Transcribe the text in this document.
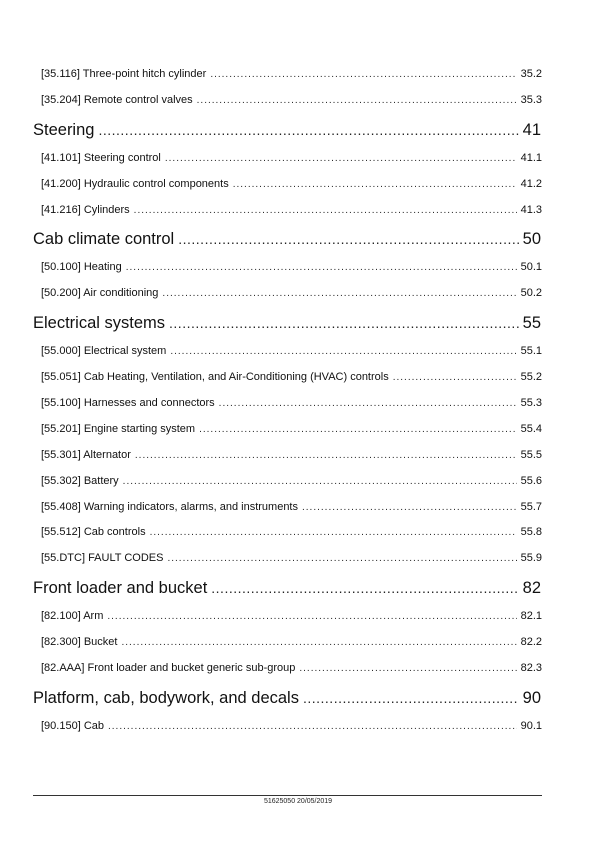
[35.116] Three-point hitch cylinder .....	35.2
[35.204] Remote control valves .....	35.3
Steering .....	41
[41.101] Steering control .....	41.1
[41.200] Hydraulic control components .....	41.2
[41.216] Cylinders .....	41.3
Cab climate control .....	50
[50.100] Heating .....	50.1
[50.200] Air conditioning .....	50.2
Electrical systems .....	55
[55.000] Electrical system .....	55.1
[55.051] Cab Heating, Ventilation, and Air-Conditioning (HVAC) controls .....	55.2
[55.100] Harnesses and connectors .....	55.3
[55.201] Engine starting system .....	55.4
[55.301] Alternator .....	55.5
[55.302] Battery .....	55.6
[55.408] Warning indicators, alarms, and instruments .....	55.7
[55.512] Cab controls .....	55.8
[55.DTC] FAULT CODES .....	55.9
Front loader and bucket .....	82
[82.100] Arm .....	82.1
[82.300] Bucket .....	82.2
[82.AAA] Front loader and bucket generic sub-group .....	82.3
Platform, cab, bodywork, and decals .....	90
[90.150] Cab .....	90.1
51625050 20/05/2019
